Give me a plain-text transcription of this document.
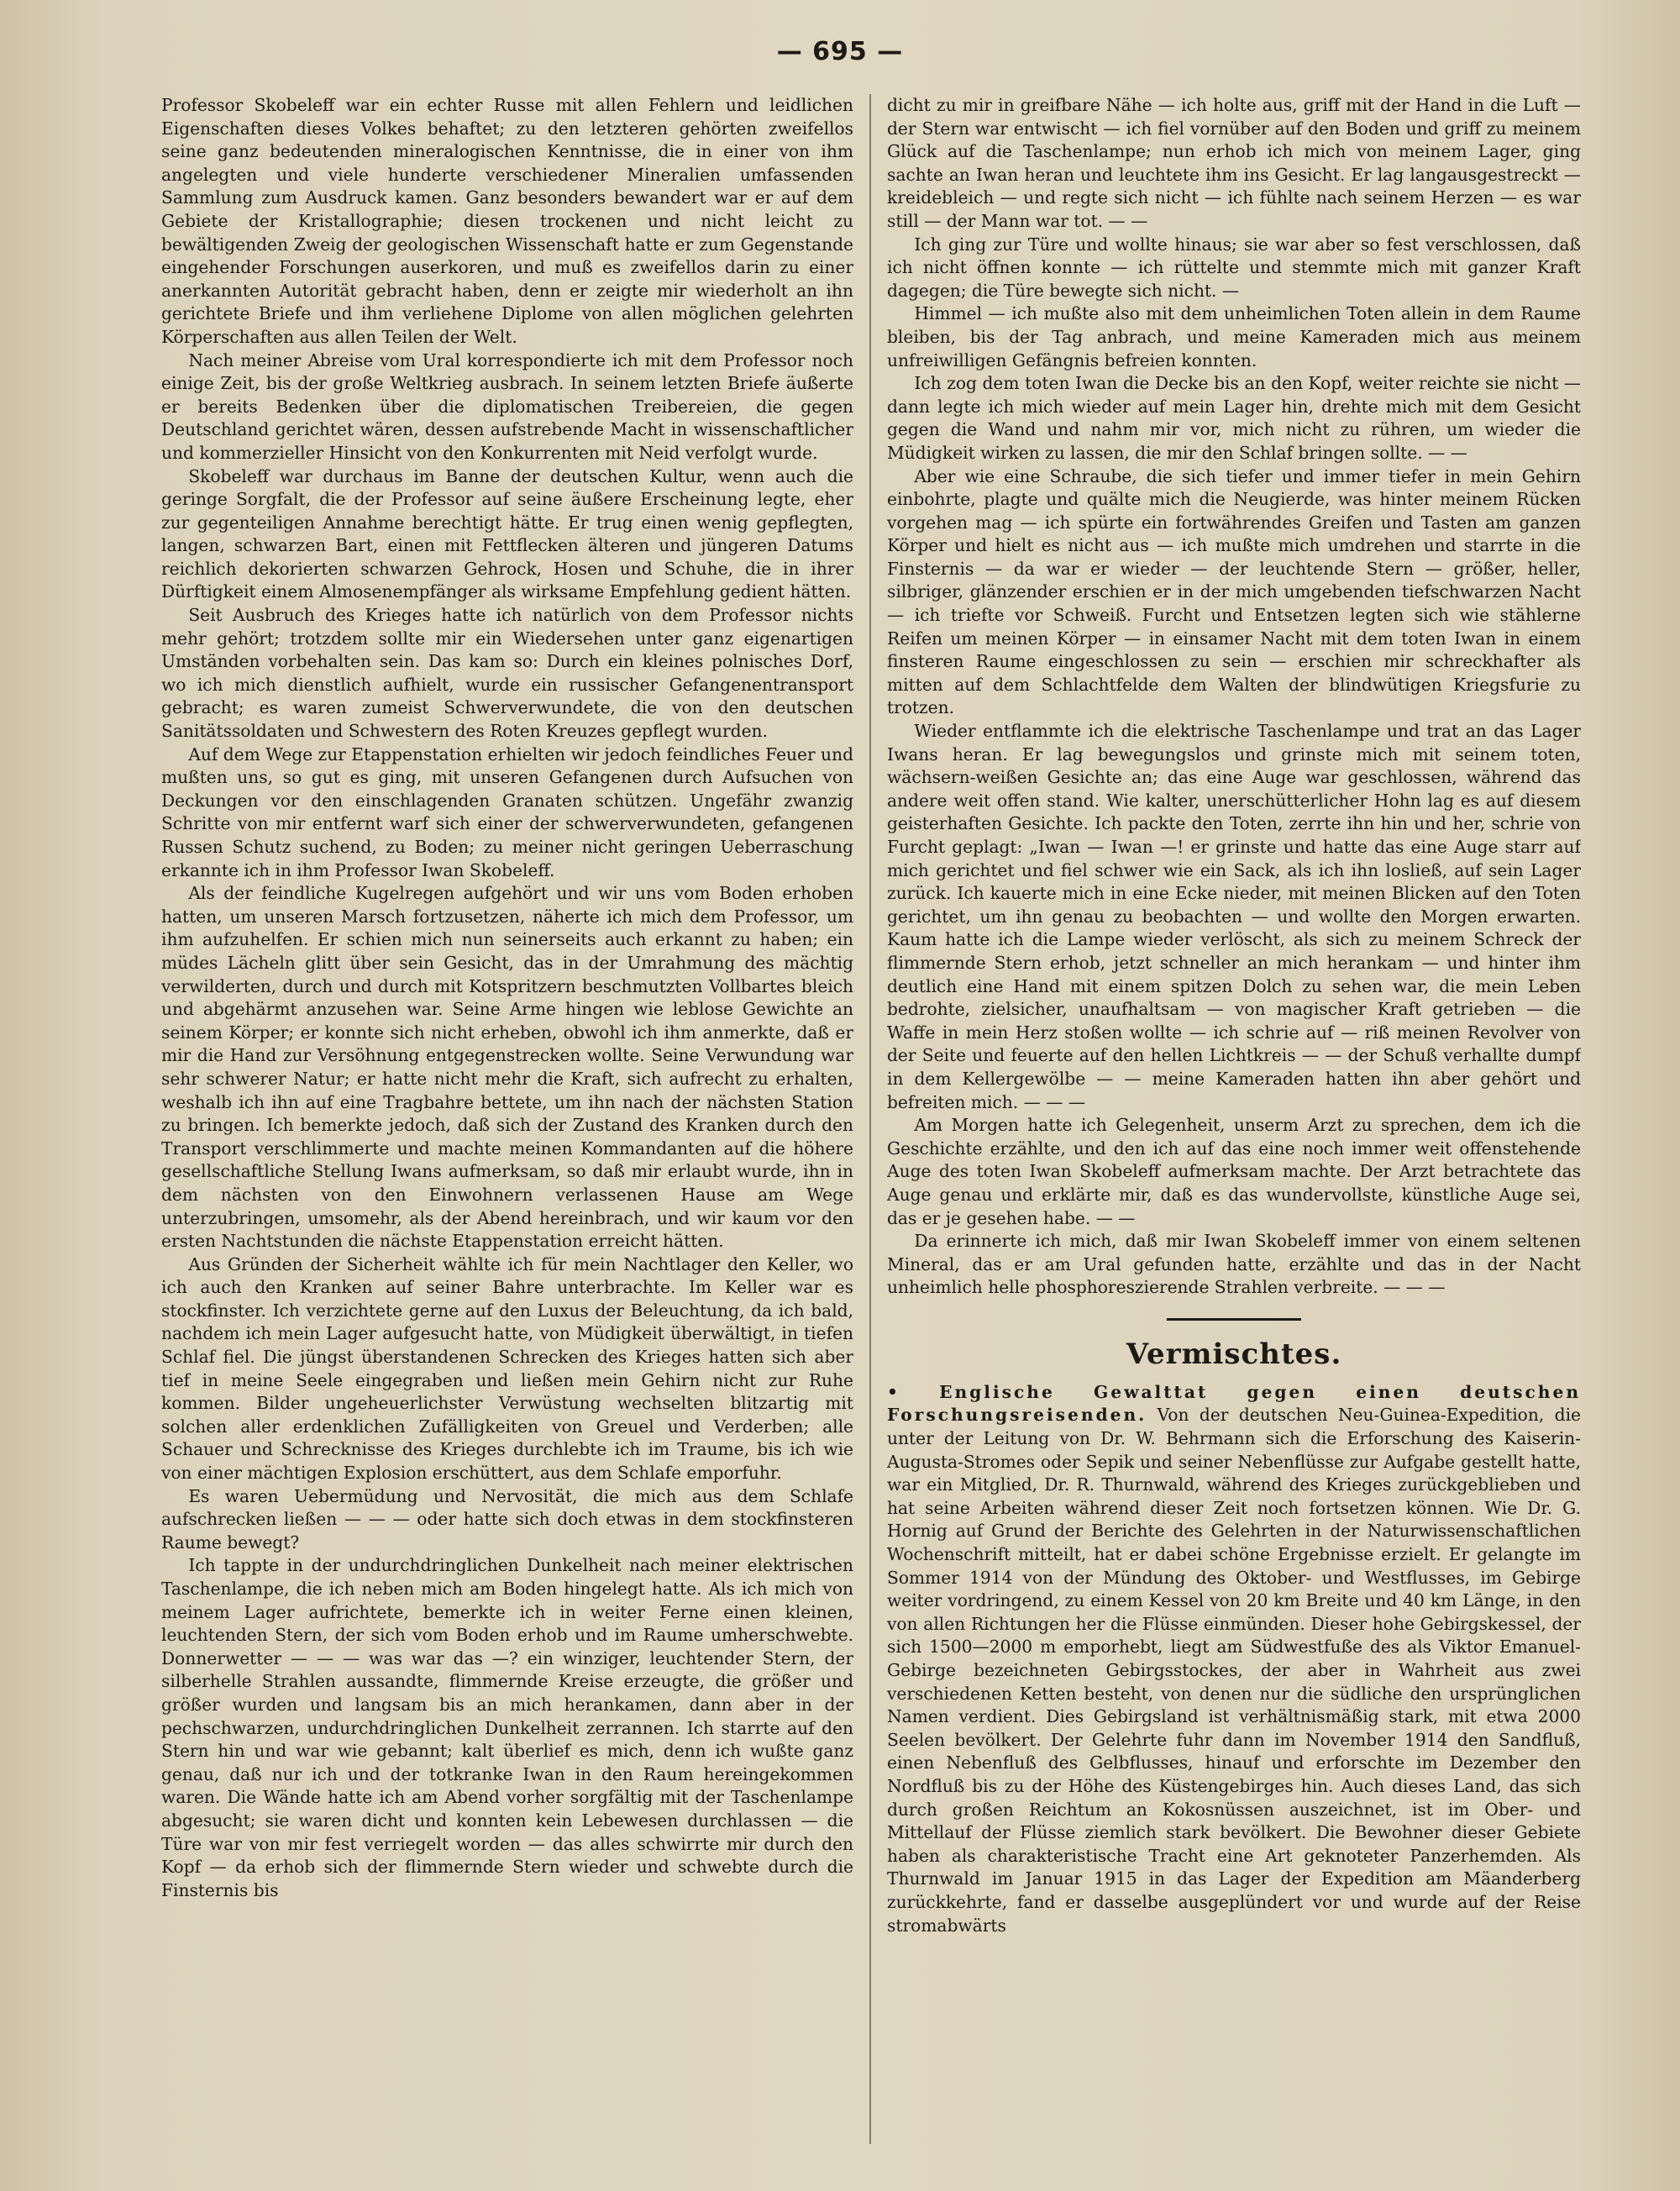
— 695 —

Professor Skobeleff war ein echter Russe mit allen Fehlern und leidlichen Eigenschaften dieses Volkes behaftet; zu den letzteren gehörten zweifellos seine ganz bedeutenden mineralogischen Kenntnisse, die in einer von ihm angelegten und viele hunderte verschiedener Mineralien umfassenden Sammlung zum Ausdruck kamen. Ganz besonders bewandert war er auf dem Gebiete der Kristallographie; diesen trockenen und nicht leicht zu bewältigenden Zweig der geologischen Wissenschaft hatte er zum Gegenstande eingehender Forschungen auserkoren, und muß es zweifellos darin zu einer anerkannten Autorität gebracht haben, denn er zeigte mir wiederholt an ihn gerichtete Briefe und ihm verliehene Diplome von allen möglichen gelehrten Körperschaften aus allen Teilen der Welt.

Nach meiner Abreise vom Ural korrespondierte ich mit dem Professor noch einige Zeit, bis der große Weltkrieg ausbrach. In seinem letzten Briefe äußerte er bereits Bedenken über die diplomatischen Treibereien, die gegen Deutschland gerichtet wären, dessen aufstrebende Macht in wissenschaftlicher und kommerzieller Hinsicht von den Konkurrenten mit Neid verfolgt wurde.

Skobeleff war durchaus im Banne der deutschen Kultur, wenn auch die geringe Sorgfalt, die der Professor auf seine äußere Erscheinung legte, eher zur gegenteiligen Annahme berechtigt hätte. Er trug einen wenig gepflegten, langen, schwarzen Bart, einen mit Fettflecken älteren und jüngeren Datums reichlich dekorierten schwarzen Gehrock, Hosen und Schuhe, die in ihrer Dürftigkeit einem Almosenempfänger als wirksame Empfehlung gedient hätten.

Seit Ausbruch des Krieges hatte ich natürlich von dem Professor nichts mehr gehört; trotzdem sollte mir ein Wiedersehen unter ganz eigenartigen Umständen vorbehalten sein. Das kam so: Durch ein kleines polnisches Dorf, wo ich mich dienstlich aufhielt, wurde ein russischer Gefangenentransport gebracht; es waren zumeist Schwerverwundete, die von den deutschen Sanitätssoldaten und Schwestern des Roten Kreuzes gepflegt wurden.

Auf dem Wege zur Etappenstation erhielten wir jedoch feindliches Feuer und mußten uns, so gut es ging, mit unseren Gefangenen durch Aufsuchen von Deckungen vor den einschlagenden Granaten schützen. Ungefähr zwanzig Schritte von mir entfernt warf sich einer der schwerverwundeten, gefangenen Russen Schutz suchend, zu Boden; zu meiner nicht geringen Ueberraschung erkannte ich in ihm Professor Iwan Skobeleff.

Als der feindliche Kugelregen aufgehört und wir uns vom Boden erhoben hatten, um unseren Marsch fortzusetzen, näherte ich mich dem Professor, um ihm aufzuhelfen. Er schien mich nun seinerseits auch erkannt zu haben; ein müdes Lächeln glitt über sein Gesicht, das in der Umrahmung des mächtig verwilderten, durch und durch mit Kotspritzern beschmutzten Vollbartes bleich und abgehärmt anzusehen war. Seine Arme hingen wie leblose Gewichte an seinem Körper; er konnte sich nicht erheben, obwohl ich ihm anmerkte, daß er mir die Hand zur Versöhnung entgegenstrecken wollte. Seine Verwundung war sehr schwerer Natur; er hatte nicht mehr die Kraft, sich aufrecht zu erhalten, weshalb ich ihn auf eine Tragbahre bettete, um ihn nach der nächsten Station zu bringen. Ich bemerkte jedoch, daß sich der Zustand des Kranken durch den Transport verschlimmerte und machte meinen Kommandanten auf die höhere gesellschaftliche Stellung Iwans aufmerksam, so daß mir erlaubt wurde, ihn in dem nächsten von den Einwohnern verlassenen Hause am Wege unterzubringen, umsomehr, als der Abend hereinbrach, und wir kaum vor den ersten Nachtstunden die nächste Etappenstation erreicht hätten.

Aus Gründen der Sicherheit wählte ich für mein Nachtlager den Keller, wo ich auch den Kranken auf seiner Bahre unterbrachte. Im Keller war es stockfinster. Ich verzichtete gerne auf den Luxus der Beleuchtung, da ich bald, nachdem ich mein Lager aufgesucht hatte, von Müdigkeit überwältigt, in tiefen Schlaf fiel. Die jüngst überstandenen Schrecken des Krieges hatten sich aber tief in meine Seele eingegraben und ließen mein Gehirn nicht zur Ruhe kommen. Bilder ungeheuerlichster Verwüstung wechselten blitzartig mit solchen aller erdenklichen Zufälligkeiten von Greuel und Verderben; alle Schauer und Schrecknisse des Krieges durchlebte ich im Traume, bis ich wie von einer mächtigen Explosion erschüttert, aus dem Schlafe emporfuhr.

Es waren Uebermüdung und Nervosität, die mich aus dem Schlafe aufschrecken ließen — — — oder hatte sich doch etwas in dem stockfinsteren Raume bewegt?

Ich tappte in der undurchdringlichen Dunkelheit nach meiner elektrischen Taschenlampe, die ich neben mich am Boden hingelegt hatte. Als ich mich von meinem Lager aufrichtete, bemerkte ich in weiter Ferne einen kleinen, leuchtenden Stern, der sich vom Boden erhob und im Raume umherschwebte. Donnerwetter — — — was war das —? ein winziger, leuchtender Stern, der silberhelle Strahlen aussandte, flimmernde Kreise erzeugte, die größer und größer wurden und langsam bis an mich herankamen, dann aber in der pechschwarzen, undurchdringlichen Dunkelheit zerrannen. Ich starrte auf den Stern hin und war wie gebannt; kalt überlief es mich, denn ich wußte ganz genau, daß nur ich und der totkranke Iwan in den Raum hereingekommen waren. Die Wände hatte ich am Abend vorher sorgfältig mit der Taschenlampe abgesucht; sie waren dicht und konnten kein Lebewesen durchlassen — die Türe war von mir fest verriegelt worden — das alles schwirrte mir durch den Kopf — da erhob sich der flimmernde Stern wieder und schwebte durch die Finsternis bis

dicht zu mir in greifbare Nähe — ich holte aus, griff mit der Hand in die Luft — der Stern war entwischt — ich fiel vornüber auf den Boden und griff zu meinem Glück auf die Taschenlampe; nun erhob ich mich von meinem Lager, ging sachte an Iwan heran und leuchtete ihm ins Gesicht. Er lag langausgestreckt — kreidebleich — und regte sich nicht — ich fühlte nach seinem Herzen — es war still — der Mann war tot. — —

Ich ging zur Türe und wollte hinaus; sie war aber so fest verschlossen, daß ich nicht öffnen konnte — ich rüttelte und stemmte mich mit ganzer Kraft dagegen; die Türe bewegte sich nicht. —

Himmel — ich mußte also mit dem unheimlichen Toten allein in dem Raume bleiben, bis der Tag anbrach, und meine Kameraden mich aus meinem unfreiwilligen Gefängnis befreien konnten.

Ich zog dem toten Iwan die Decke bis an den Kopf, weiter reichte sie nicht — dann legte ich mich wieder auf mein Lager hin, drehte mich mit dem Gesicht gegen die Wand und nahm mir vor, mich nicht zu rühren, um wieder die Müdigkeit wirken zu lassen, die mir den Schlaf bringen sollte. — —

Aber wie eine Schraube, die sich tiefer und immer tiefer in mein Gehirn einbohrte, plagte und quälte mich die Neugierde, was hinter meinem Rücken vorgehen mag — ich spürte ein fortwährendes Greifen und Tasten am ganzen Körper und hielt es nicht aus — ich mußte mich umdrehen und starrte in die Finsternis — da war er wieder — der leuchtende Stern — größer, heller, silbriger, glänzender erschien er in der mich umgebenden tiefschwarzen Nacht — ich triefte vor Schweiß. Furcht und Entsetzen legten sich wie stählerne Reifen um meinen Körper — in einsamer Nacht mit dem toten Iwan in einem finsteren Raume eingeschlossen zu sein — erschien mir schreckhafter als mitten auf dem Schlachtfelde dem Walten der blindwütigen Kriegsfurie zu trotzen.

Wieder entflammte ich die elektrische Taschenlampe und trat an das Lager Iwans heran. Er lag bewegungslos und grinste mich mit seinem toten, wächsern-weißen Gesichte an; das eine Auge war geschlossen, während das andere weit offen stand. Wie kalter, unerschütterlicher Hohn lag es auf diesem geisterhaften Gesichte. Ich packte den Toten, zerrte ihn hin und her, schrie von Furcht geplagt: „Iwan — Iwan —! er grinste und hatte das eine Auge starr auf mich gerichtet und fiel schwer wie ein Sack, als ich ihn losließ, auf sein Lager zurück. Ich kauerte mich in eine Ecke nieder, mit meinen Blicken auf den Toten gerichtet, um ihn genau zu beobachten — und wollte den Morgen erwarten. Kaum hatte ich die Lampe wieder verlöscht, als sich zu meinem Schreck der flimmernde Stern erhob, jetzt schneller an mich herankam — und hinter ihm deutlich eine Hand mit einem spitzen Dolch zu sehen war, die mein Leben bedrohte, zielsicher, unaufhaltsam — von magischer Kraft getrieben — die Waffe in mein Herz stoßen wollte — ich schrie auf — riß meinen Revolver von der Seite und feuerte auf den hellen Lichtkreis — — der Schuß verhallte dumpf in dem Kellergewölbe — — meine Kameraden hatten ihn aber gehört und befreiten mich. — — —

Am Morgen hatte ich Gelegenheit, unserm Arzt zu sprechen, dem ich die Geschichte erzählte, und den ich auf das eine noch immer weit offenstehende Auge des toten Iwan Skobeleff aufmerksam machte. Der Arzt betrachtete das Auge genau und erklärte mir, daß es das wundervollste, künstliche Auge sei, das er je gesehen habe. — —

Da erinnerte ich mich, daß mir Iwan Skobeleff immer von einem seltenen Mineral, das er am Ural gefunden hatte, erzählte und das in der Nacht unheimlich helle phosphoreszierende Strahlen verbreite. — — —

Vermischtes.

• Englische Gewalttat gegen einen deutschen Forschungsreisenden. Von der deutschen Neu-Guinea-Expedition, die unter der Leitung von Dr. W. Behrmann sich die Erforschung des Kaiserin-Augusta-Stromes oder Sepik und seiner Nebenflüsse zur Aufgabe gestellt hatte, war ein Mitglied, Dr. R. Thurnwald, während des Krieges zurückgeblieben und hat seine Arbeiten während dieser Zeit noch fortsetzen können. Wie Dr. G. Hornig auf Grund der Berichte des Gelehrten in der Naturwissenschaftlichen Wochenschrift mitteilt, hat er dabei schöne Ergebnisse erzielt. Er gelangte im Sommer 1914 von der Mündung des Oktober- und Westflusses, im Gebirge weiter vordringend, zu einem Kessel von 20 km Breite und 40 km Länge, in den von allen Richtungen her die Flüsse einmünden. Dieser hohe Gebirgskessel, der sich 1500—2000 m emporhebt, liegt am Südwestfuße des als Viktor Emanuel-Gebirge bezeichneten Gebirgsstockes, der aber in Wahrheit aus zwei verschiedenen Ketten besteht, von denen nur die südliche den ursprünglichen Namen verdient. Dies Gebirgsland ist verhältnismäßig stark, mit etwa 2000 Seelen bevölkert. Der Gelehrte fuhr dann im November 1914 den Sandfluß, einen Nebenfluß des Gelbflusses, hinauf und erforschte im Dezember den Nordfluß bis zu der Höhe des Küstengebirges hin. Auch dieses Land, das sich durch großen Reichtum an Kokosnüssen auszeichnet, ist im Ober- und Mittellauf der Flüsse ziemlich stark bevölkert. Die Bewohner dieser Gebiete haben als charakteristische Tracht eine Art geknoteter Panzerhemden. Als Thurnwald im Januar 1915 in das Lager der Expedition am Mäanderberg zurückkehrte, fand er dasselbe ausgeplündert vor und wurde auf der Reise stromabwärts
